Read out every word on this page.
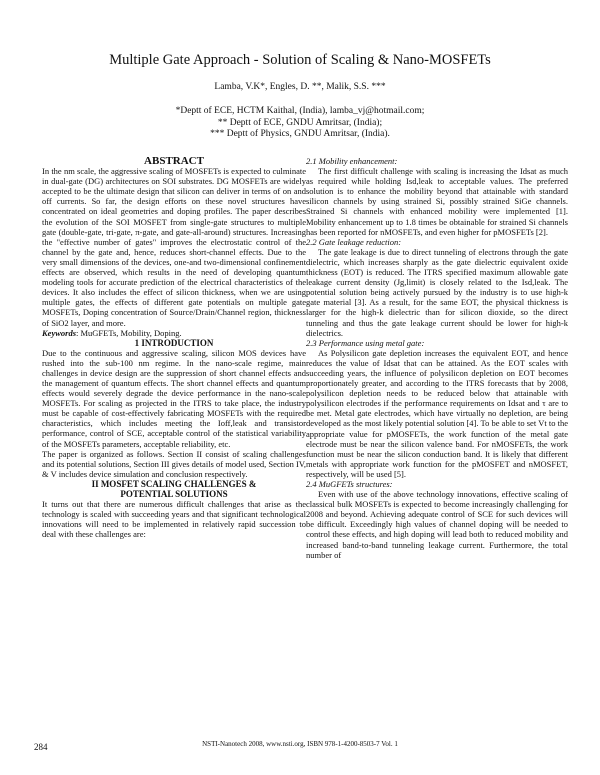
Multiple Gate Approach - Solution of Scaling & Nano-MOSFETs
Lamba, V.K*, Engles, D. **, Malik, S.S. ***
*Deptt of ECE, HCTM Kaithal, (India), lamba_vj@hotmail.com;
** Deptt of ECE, GNDU Amritsar, (India);
*** Deptt of Physics, GNDU Amritsar, (India).

ABSTRACT

In the nm scale, the aggressive scaling of MOSFETs is expected to culminate in dual-gate (DG) architectures on SOI substrates. DG MOSFETs are widely accepted to be the ultimate design that silicon can deliver in terms of on and off currents. So far, the design efforts on these novel structures have concentrated on ideal geometries and doping profiles. The paper describes the evolution of the SOI MOSFET from single-gate structures to multiple gate (double-gate, tri-gate, π-gate, and gate-all-around) structures. Increasing the "effective number of gates" improves the electrostatic control of the channel by the gate and, hence, reduces short-channel effects. Due to the very small dimensions of the devices, one-and two-dimensional confinement effects are observed, which results in the need of developing quantum modeling tools for accurate prediction of the electrical characteristics of the devices. It also includes the effect of silicon thickness, when we are using multiple gates, the effects of different gate potentials on multiple gate MOSFETs, Doping concentration of Source/Drain/Channel region, thickness of SiO2 layer, and more.

Keywords: MuGFETs, Mobility, Doping.

1 INTRODUCTION

Due to the continuous and aggressive scaling, silicon MOS devices have rushed into the sub-100 nm regime. In the nano-scale regime, main challenges in device design are the suppression of short channel effects and the management of quantum effects. The short channel effects and quantum effects would severely degrade the device performance in the nano-scale MOSFETs. For scaling as projected in the ITRS to take place, the industry must be capable of cost-effectively fabricating MOSFETs with the required characteristics, which includes meeting the Ioff,leak and transistor performance, control of SCE, acceptable control of the statistical variability of the MOSFETs parameters, acceptable reliability, etc.

The paper is organized as follows. Section II consist of scaling challenges and its potential solutions, Section III gives details of model used, Section IV, & V includes device simulation and conclusion respectively.

II MOSFET SCALING CHALLENGES &

POTENTIAL SOLUTIONS

It turns out that there are numerous difficult challenges that arise as the technology is scaled with succeeding years and that significant technological innovations will need to be implemented in relatively rapid succession to deal with these challenges are:

2.1 Mobility enhancement:

The first difficult challenge with scaling is increasing the Idsat as much as required while holding Isd,leak to acceptable values. The preferred solution is to enhance the mobility beyond that attainable with standard silicon channels by using strained Si, possibly strained SiGe channels. Strained Si channels with enhanced mobility were implemented [1]. Mobility enhancement up to 1.8 times be obtainable for strained Si channels has been reported for nMOSFETs, and even higher for pMOSFETs [2].

2.2 Gate leakage reduction:

The gate leakage is due to direct tunneling of electrons through the gate dielectric, which increases sharply as the gate dielectric equivalent oxide thickness (EOT) is reduced. The ITRS specified maximum allowable gate leakage current density (Jg,limit) is closely related to the Isd,leak. The potential solution being actively pursued by the industry is to use high-k gate material [3]. As a result, for the same EOT, the physical thickness is larger for the high-k dielectric than for silicon dioxide, so the direct tunneling and thus the gate leakage current should be lower for high-k dielectrics.

2.3 Performance using metal gate:

As Polysilicon gate depletion increases the equivalent EOT, and hence reduces the value of Idsat that can be attained. As the EOT scales with succeeding years, the influence of polysilicon depletion on EOT becomes proportionately greater, and according to the ITRS forecasts that by 2008, polysilicon depletion needs to be reduced below that attainable with polysilicon electrodes if the performance requirements on Idsat and τ are to be met. Metal gate electrodes, which have virtually no depletion, are being developed as the most likely potential solution [4]. To be able to set Vt to the appropriate value for pMOSFETs, the work function of the metal gate electrode must be near the silicon valence band. For nMOSFETs, the work function must be near the silicon conduction band. It is likely that different metals with appropriate work function for the pMOSFET and nMOSFET, respectively, will be used [5].

2.4 MuGFETs structures:

Even with use of the above technology innovations, effective scaling of classical bulk MOSFETs is expected to become increasingly challenging for 2008 and beyond. Achieving adequate control of SCE for such devices will be difficult. Exceedingly high values of channel doping will be needed to control these effects, and high doping will lead both to reduced mobility and increased band-to-band tunneling leakage current. Furthermore, the total number of

284	NSTI-Nanotech 2008, www.nsti.org, ISBN 978-1-4200-8503-7 Vol. 1
